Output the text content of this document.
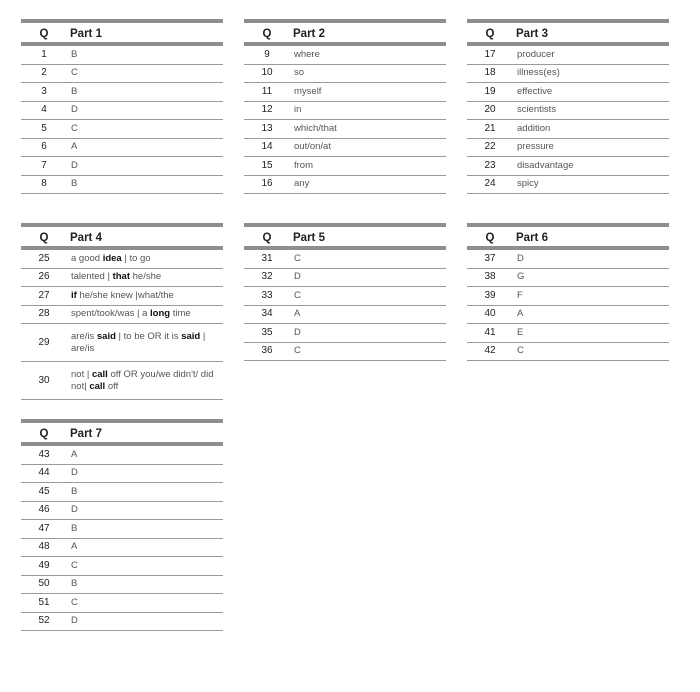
Q	Part 1
1	B
2	C
3	B
4	D
5	C
6	A
7	D
8	B
Q	Part 2
9	where
10	so
11	myself
12	in
13	which/that
14	out/on/at
15	from
16	any
Q	Part 3
17	producer
18	illness(es)
19	effective
20	scientists
21	addition
22	pressure
23	disadvantage
24	spicy
Q	Part 4
25	a good idea | to go
26	talented | that he/she
27	if he/she knew |what/the
28	spent/took/was | a long time
29	are/is said | to be OR it is said | are/is
30	not | call off OR you/we didn't/ did not| call off
Q	Part 5
31	C
32	D
33	C
34	A
35	D
36	C
Q	Part 6
37	D
38	G
39	F
40	A
41	E
42	C
Q	Part 7
43	A
44	D
45	B
46	D
47	B
48	A
49	C
50	B
51	C
52	D
